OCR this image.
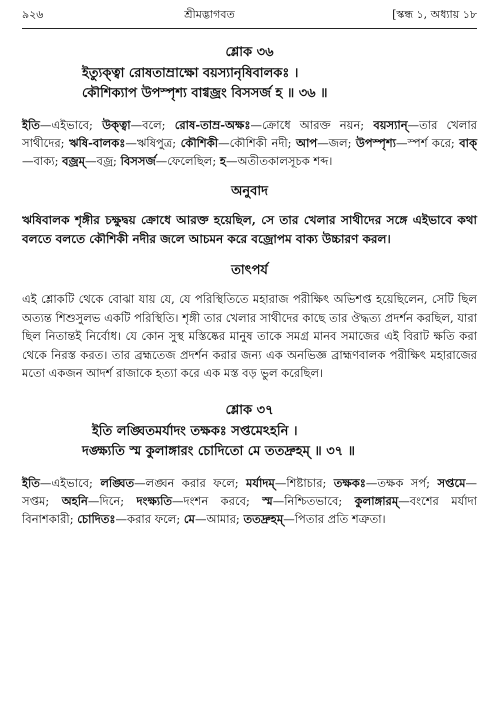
৯২৬	শ্রীমদ্ভাগবত	[স্কন্ধ ১, অধ্যায় ১৮
শ্লোক ৩৬
ইত্যুক্ত্বা রোষতাম্রাক্ষো বয়স্যানৃষিবালকঃ ।
কৌশিক্যাপ উপস্পৃশ্য বাগ্বজ্রং বিসসর্জ হ ॥ ৩৬ ॥
ইতি—এইভাবে; উক্ত্বা—বলে; রোষ-তাম্র-অক্ষঃ—ক্রোধে আরক্ত নয়ন; বয়স্যান্—তার খেলার সাথীদের; ঋষি-বালকঃ—ঋষিপুত্র; কৌশিকী—কৌশিকী নদী; আপ—জল; উপস্পৃশ্য—স্পর্শ করে; বাক্—বাক্য; বজ্রম্—বজ্র; বিসসর্জ—ফেলেছিল; হ—অতীতকালসূচক শব্দ।
অনুবাদ
ঋষিবালক শৃঙ্গীর চক্ষুদ্বয় ক্রোধে আরক্ত হয়েছিল, সে তার খেলার সাথীদের সঙ্গে এইভাবে কথা বলতে বলতে কৌশিকী নদীর জলে আচমন করে বজ্রোপম বাক্য উচ্চারণ করল।
তাৎপর্য
এই শ্লোকটি থেকে বোঝা যায় যে, যে পরিস্থিতিতে মহারাজ পরীক্ষিৎ অভিশপ্ত হয়েছিলেন, সেটি ছিল অত্যন্ত শিশুসুলভ একটি পরিস্থিতি। শৃঙ্গী তার খেলার সাথীদের কাছে তার ঔদ্ধত্য প্রদর্শন করছিল, যারা ছিল নিতান্তই নির্বোধ। যে কোন সুস্থ মস্তিষ্কের মানুষ তাকে সমগ্র মানব সমাজের এই বিরাট ক্ষতি করা থেকে নিরস্ত করত। তার ব্রহ্মতেজ প্রদর্শন করার জন্য এক অনভিজ্ঞ ব্রাহ্মণবালক পরীক্ষিৎ মহারাজের মতো একজন আদর্শ রাজাকে হত্যা করে এক মস্ত বড় ভুল করেছিল।
শ্লোক ৩৭
ইতি লঙ্ঘিতমর্যাদং তক্ষকঃ সপ্তমেঽহনি ।
দঙ্ক্ষ্যতি স্ম কুলাঙ্গারং চোদিতো মে ততদ্রুহম্ ॥ ৩৭ ॥
ইতি—এইভাবে; লঙ্ঘিত—লঙ্ঘন করার ফলে; মর্যাদম্—শিষ্টাচার; তক্ষকঃ—তক্ষক সর্প; সপ্তমে—সপ্তম; অহনি—দিনে; দংক্ষ্যতি—দংশন করবে; স্ম—নিশ্চিতভাবে; কুলাঙ্গারম্—বংশের মর্যাদা বিনাশকারী; চোদিতঃ—করার ফলে; মে—আমার; ততদ্রুহম্—পিতার প্রতি শত্রুতা।
